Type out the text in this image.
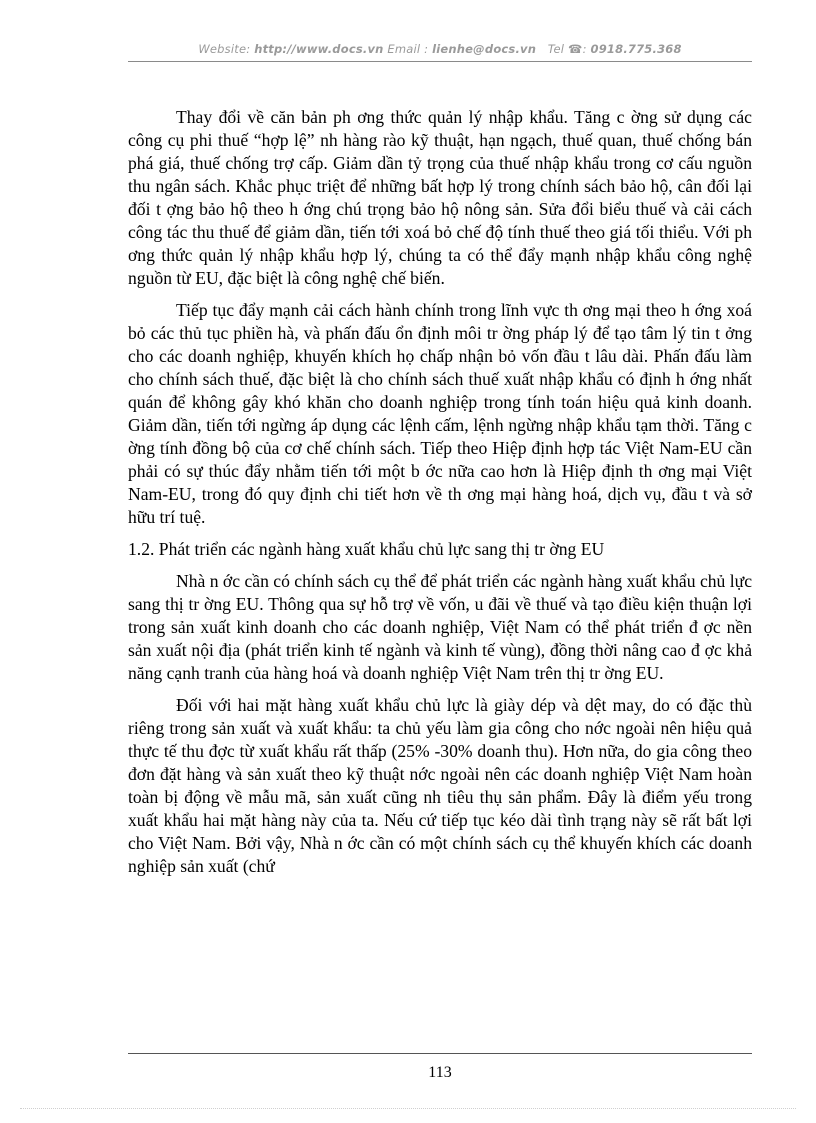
Website: http://www.docs.vn Email : lienhe@docs.vn Tel ☎: 0918.775.368

Thay đổi về căn bản ph ơng thức quản lý nhập khẩu. Tăng c ờng sử dụng các công cụ phi thuế “hợp lệ” nh hàng rào kỹ thuật, hạn ngạch, thuế quan, thuế chống bán phá giá, thuế chống trợ cấp. Giảm dần tỷ trọng của thuế nhập khẩu trong cơ cấu nguồn thu ngân sách. Khắc phục triệt để những bất hợp lý trong chính sách bảo hộ, cân đối lại đối t ợng bảo hộ theo h ớng chú trọng bảo hộ nông sản. Sửa đổi biểu thuế và cải cách công tác thu thuế để giảm dần, tiến tới xoá bỏ chế độ tính thuế theo giá tối thiểu. Với ph ơng thức quản lý nhập khẩu hợp lý, chúng ta có thể đẩy mạnh nhập khẩu công nghệ nguồn từ EU, đặc biệt là công nghệ chế biến.

Tiếp tục đẩy mạnh cải cách hành chính trong lĩnh vực th ơng mại theo h ớng xoá bỏ các thủ tục phiền hà, và phấn đấu ổn định môi tr ờng pháp lý để tạo tâm lý tin t ởng cho các doanh nghiệp, khuyến khích họ chấp nhận bỏ vốn đầu t lâu dài. Phấn đấu làm cho chính sách thuế, đặc biệt là cho chính sách thuế xuất nhập khẩu có định h ớng nhất quán để không gây khó khăn cho doanh nghiệp trong tính toán hiệu quả kinh doanh. Giảm dần, tiến tới ngừng áp dụng các lệnh cấm, lệnh ngừng nhập khẩu tạm thời. Tăng c ờng tính đồng bộ của cơ chế chính sách. Tiếp theo Hiệp định hợp tác Việt Nam-EU cần phải có sự thúc đẩy nhằm tiến tới một b ớc nữa cao hơn là Hiệp định th ơng mại Việt Nam-EU, trong đó quy định chi tiết hơn về th ơng mại hàng hoá, dịch vụ, đầu t và sở hữu trí tuệ.

1.2. Phát triển các ngành hàng xuất khẩu chủ lực sang thị tr ờng EU

Nhà n ớc cần có chính sách cụ thể để phát triển các ngành hàng xuất khẩu chủ lực sang thị tr ờng EU. Thông qua sự hỗ trợ về vốn, u đãi về thuế và tạo điều kiện thuận lợi trong sản xuất kinh doanh cho các doanh nghiệp, Việt Nam có thể phát triển đ ợc nền sản xuất nội địa (phát triển kinh tế ngành và kinh tế vùng), đồng thời nâng cao đ ợc khả năng cạnh tranh của hàng hoá và doanh nghiệp Việt Nam trên thị tr ờng EU.

Đối với hai mặt hàng xuất khẩu chủ lực là giày dép và dệt may, do có đặc thù riêng trong sản xuất và xuất khẩu: ta chủ yếu làm gia công cho nớc ngoài nên hiệu quả thực tế thu đợc từ xuất khẩu rất thấp (25% -30% doanh thu). Hơn nữa, do gia công theo đơn đặt hàng và sản xuất theo kỹ thuật nớc ngoài nên các doanh nghiệp Việt Nam hoàn toàn bị động về mẫu mã, sản xuất cũng nh tiêu thụ sản phẩm. Đây là điểm yếu trong xuất khẩu hai mặt hàng này của ta. Nếu cứ tiếp tục kéo dài tình trạng này sẽ rất bất lợi cho Việt Nam. Bởi vậy, Nhà n ớc cần có một chính sách cụ thể khuyến khích các doanh nghiệp sản xuất (chứ

113
